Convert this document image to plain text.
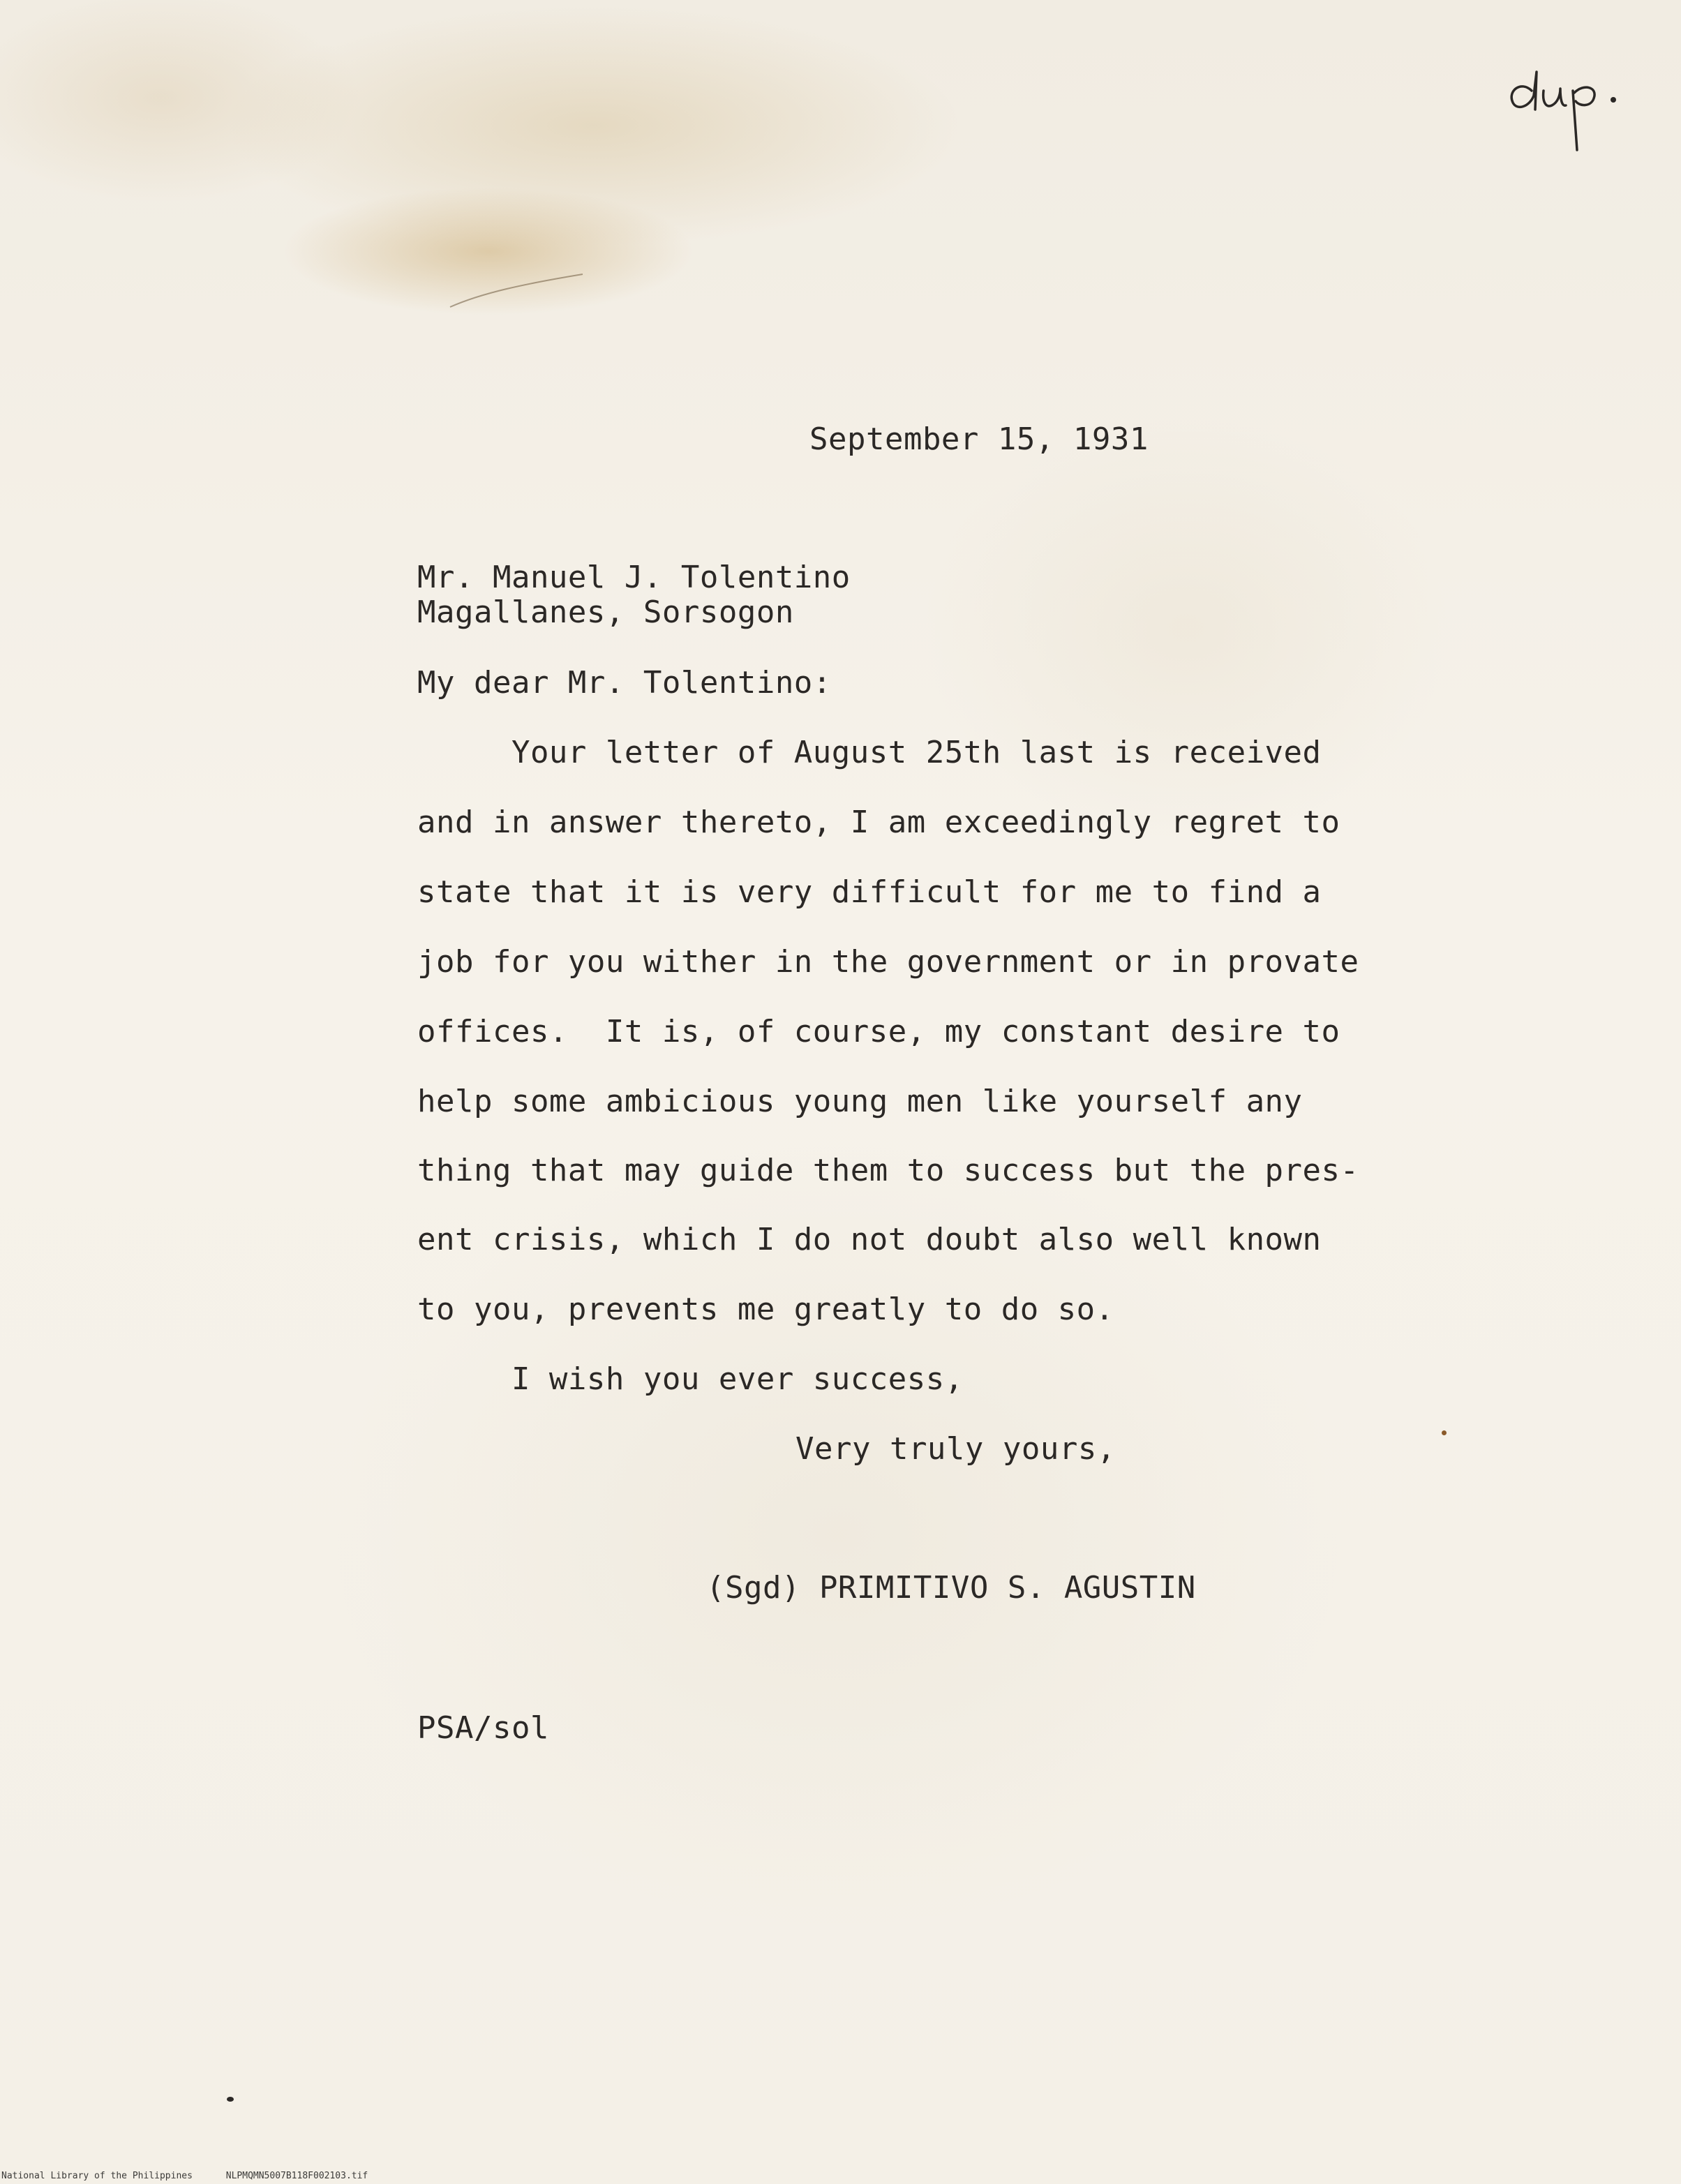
September 15, 1931

Mr. Manuel J. Tolentino

Magallanes, Sorsogon

My dear Mr. Tolentino:

Your letter of August 25th last is received

and in answer thereto, I am exceedingly regret to

state that it is very difficult for me to find a

job for you wither in the government or in provate

offices.  It is, of course, my constant desire to

help some ambicious young men like yourself any

thing that may guide them to success but the pres-

ent crisis, which I do not doubt also well known

to you, prevents me greatly to do so.

I wish you ever success,

Very truly yours,

(Sgd) PRIMITIVO S. AGUSTIN

PSA/sol

National Library of the Philippines	NLPMQMN5007B118F002103.tif
